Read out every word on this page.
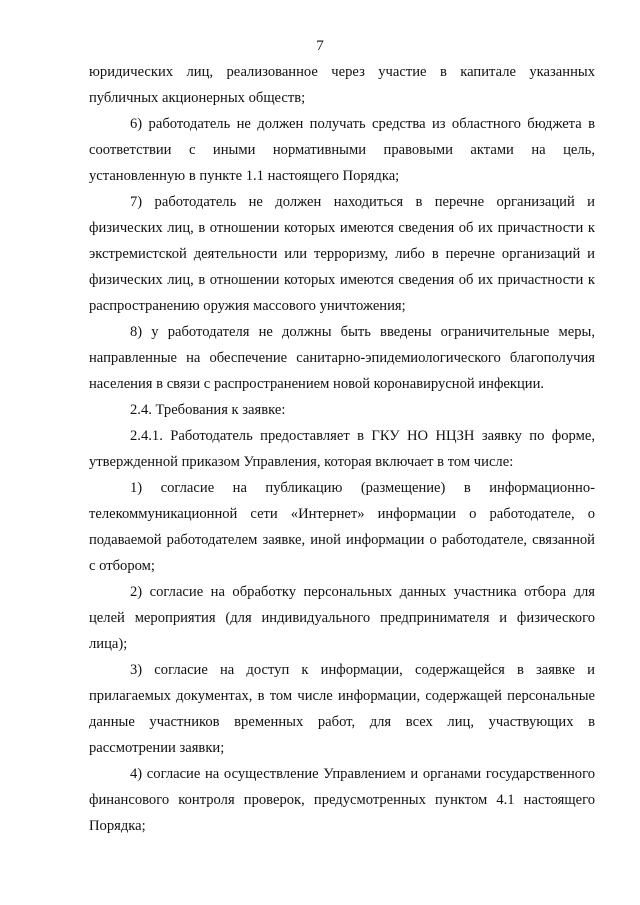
7

юридических лиц, реализованное через участие в капитале указанных публичных акционерных обществ;

6) работодатель не должен получать средства из областного бюджета в соответствии с иными нормативными правовыми актами на цель, установленную в пункте 1.1 настоящего Порядка;

7) работодатель не должен находиться в перечне организаций и физических лиц, в отношении которых имеются сведения об их причастности к экстремистской деятельности или терроризму, либо в перечне организаций и физических лиц, в отношении которых имеются сведения об их причастности к распространению оружия массового уничтожения;

8) у работодателя не должны быть введены ограничительные меры, направленные на обеспечение санитарно-эпидемиологического благополучия населения в связи с распространением новой коронавирусной инфекции.

2.4. Требования к заявке:

2.4.1. Работодатель предоставляет в ГКУ НО НЦЗН заявку по форме, утвержденной приказом Управления, которая включает в том числе:

1) согласие на публикацию (размещение) в информационно-телекоммуникационной сети «Интернет» информации о работодателе, о подаваемой работодателем заявке, иной информации о работодателе, связанной с отбором;

2) согласие на обработку персональных данных участника отбора для целей мероприятия (для индивидуального предпринимателя и физического лица);

3) согласие на доступ к информации, содержащейся в заявке и прилагаемых документах, в том числе информации, содержащей персональные данные участников временных работ, для всех лиц, участвующих в рассмотрении заявки;

4) согласие на осуществление Управлением и органами государственного финансового контроля проверок, предусмотренных пунктом 4.1 настоящего Порядка;
